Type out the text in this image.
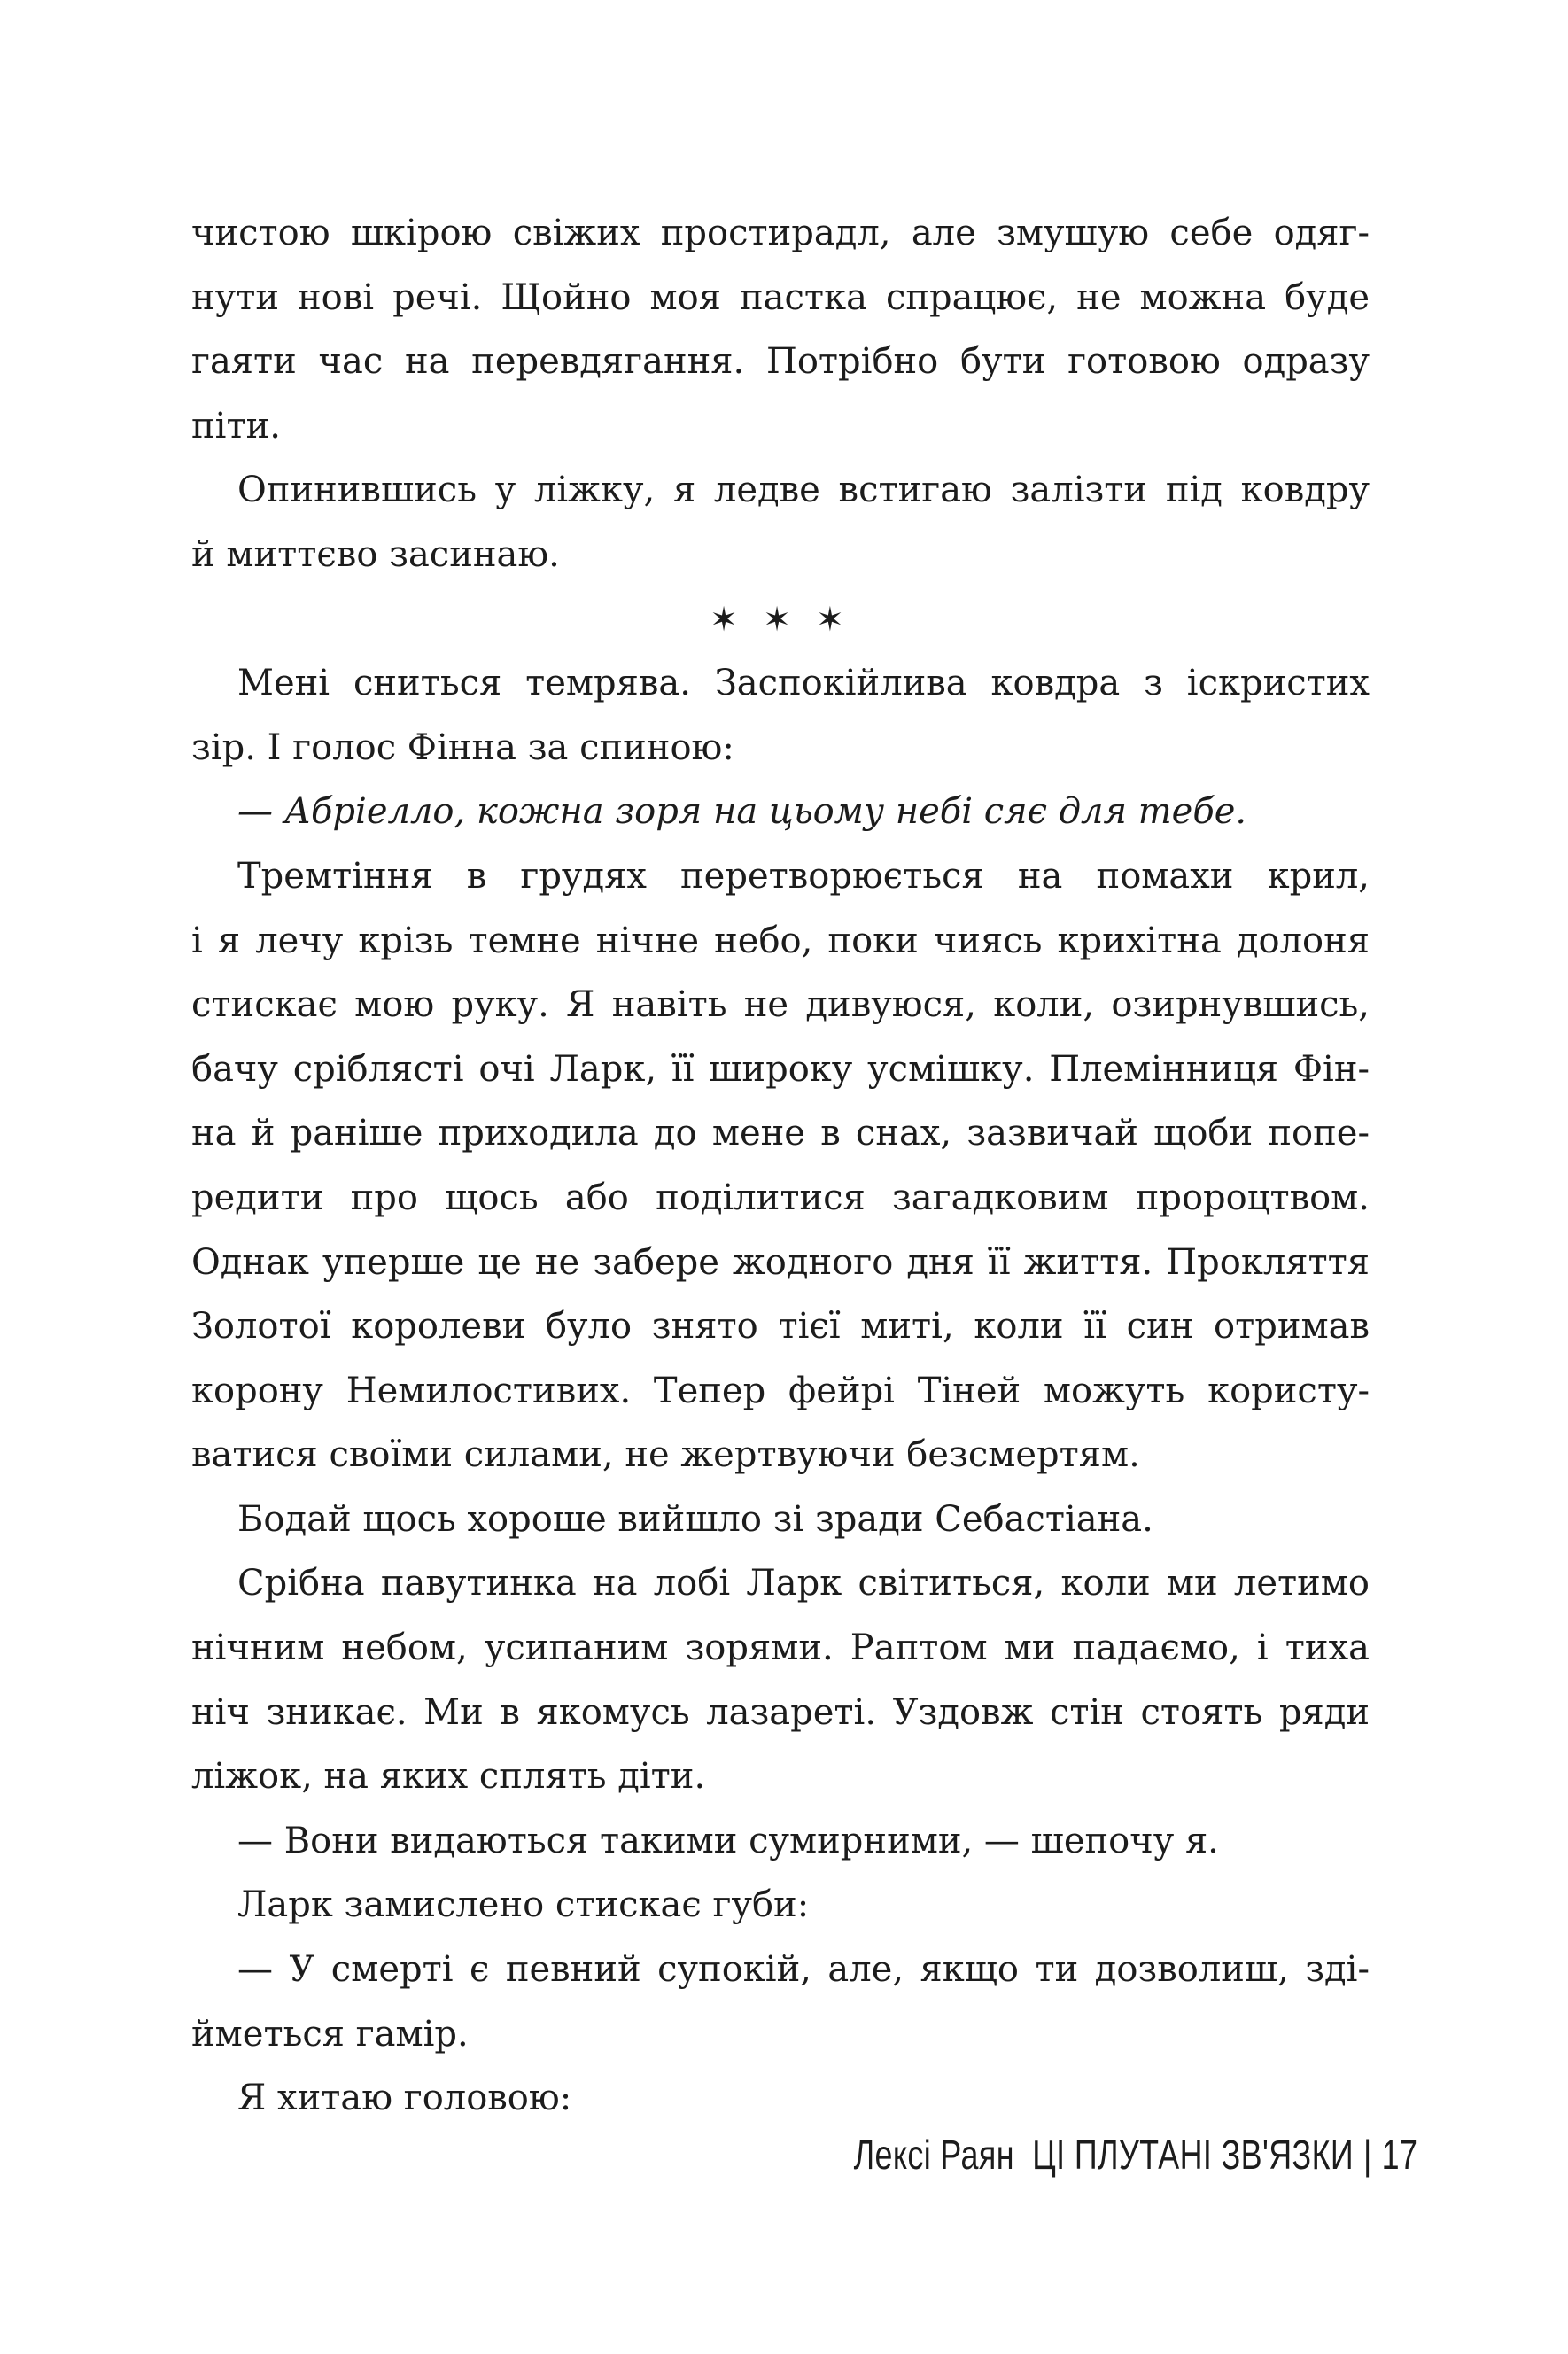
чистою шкірою свіжих простирадл, але змушую себе одяг-
нути нові речі. Щойно моя пастка спрацює, не можна буде
гаяти час на перевдягання. Потрібно бути готовою одразу
піти.
Опинившись у ліжку, я ледве встигаю залізти під ковдру
й миттєво засинаю.
✶ ✶ ✶
Мені сниться темрява. Заспокійлива ковдра з іскристих
зір. І голос Фінна за спиною:
— Абріелло, кожна зоря на цьому небі сяє для тебе.
Тремтіння в грудях перетворюється на помахи крил,
і я лечу крізь темне нічне небо, поки чиясь крихітна долоня
стискає мою руку. Я навіть не дивуюся, коли, озирнувшись,
бачу сріблясті очі Ларк, її широку усмішку. Племінниця Фін-
на й раніше приходила до мене в снах, зазвичай щоби попе-
редити про щось або поділитися загадковим пророцтвом.
Однак уперше це не забере жодного дня її життя. Прокляття
Золотої королеви було знято тієї миті, коли її син отримав
корону Немилостивих. Тепер фейрі Тіней можуть користу-
ватися своїми силами, не жертвуючи безсмертям.
Бодай щось хороше вийшло зі зради Себастіана.
Срібна павутинка на лобі Ларк світиться, коли ми летимо
нічним небом, усипаним зорями. Раптом ми падаємо, і тиха
ніч зникає. Ми в якомусь лазареті. Уздовж стін стоять ряди
ліжок, на яких сплять діти.
— Вони видаються такими сумирними, — шепочу я.
Ларк замислено стискає губи:
— У смерті є певний супокій, але, якщо ти дозволиш, зді-
йметься гамір.
Я хитаю головою:
Лексі Раян ЦІ ПЛУТАНІ ЗВ'ЯЗКИ | 17
